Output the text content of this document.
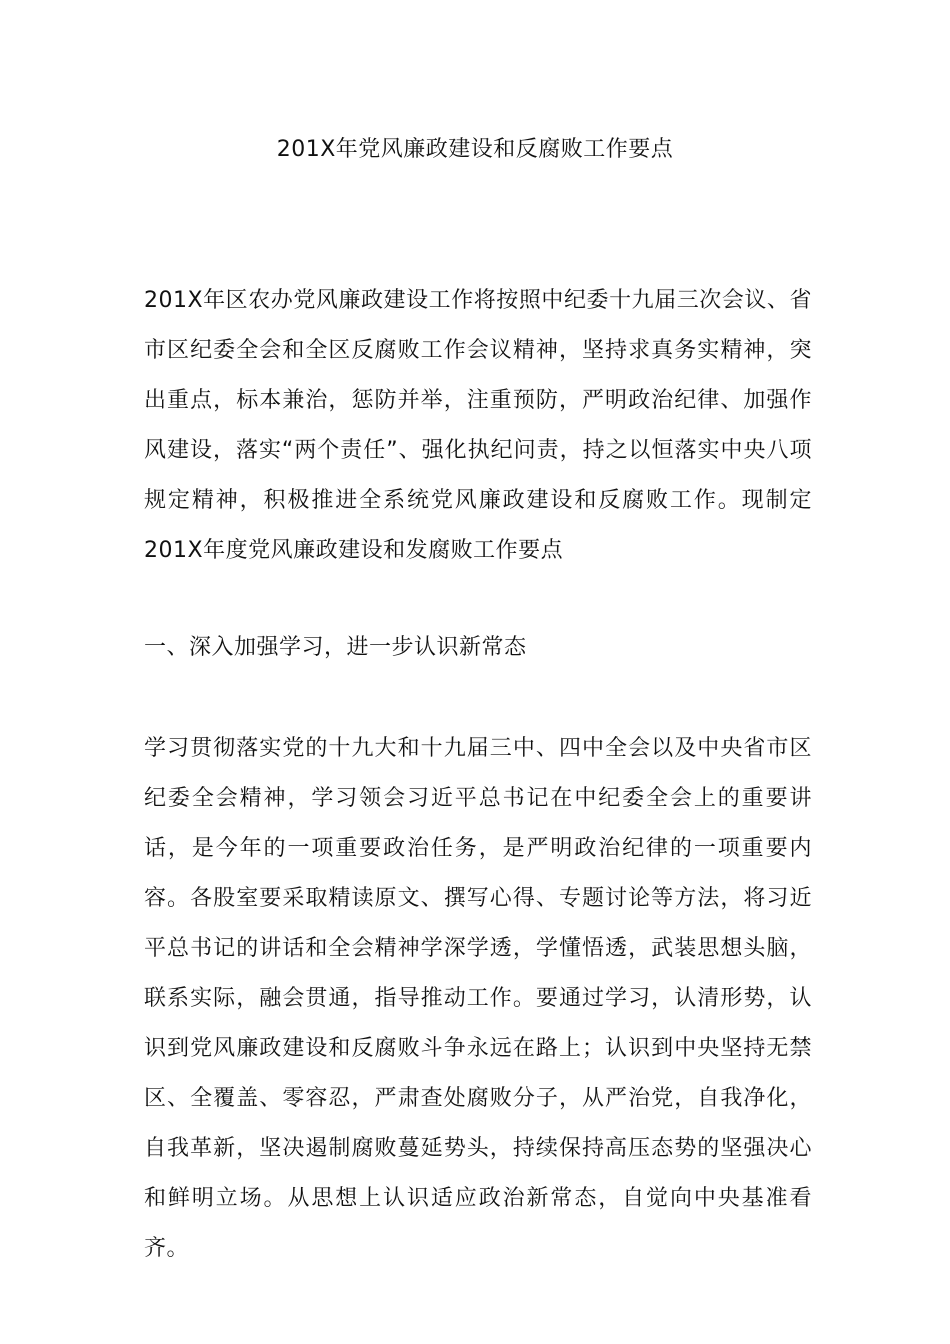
201X年党风廉政建设和反腐败工作要点

201X年区农办党风廉政建设工作将按照中纪委十九届三次会议、省市区纪委全会和全区反腐败工作会议精神，坚持求真务实精神，突出重点，标本兼治，惩防并举，注重预防，严明政治纪律、加强作风建设，落实“两个责任”、强化执纪问责，持之以恒落实中央八项规定精神，积极推进全系统党风廉政建设和反腐败工作。现制定201X年度党风廉政建设和发腐败工作要点

一、深入加强学习，进一步认识新常态

学习贯彻落实党的十九大和十九届三中、四中全会以及中央省市区纪委全会精神，学习领会习近平总书记在中纪委全会上的重要讲话，是今年的一项重要政治任务，是严明政治纪律的一项重要内容。各股室要采取精读原文、撰写心得、专题讨论等方法，将习近平总书记的讲话和全会精神学深学透，学懂悟透，武装思想头脑，联系实际，融会贯通，指导推动工作。要通过学习，认清形势，认识到党风廉政建设和反腐败斗争永远在路上；认识到中央坚持无禁区、全覆盖、零容忍，严肃查处腐败分子，从严治党，自我净化，自我革新，坚决遏制腐败蔓延势头，持续保持高压态势的坚强决心和鲜明立场。从思想上认识适应政治新常态，自觉向中央基准看齐。
